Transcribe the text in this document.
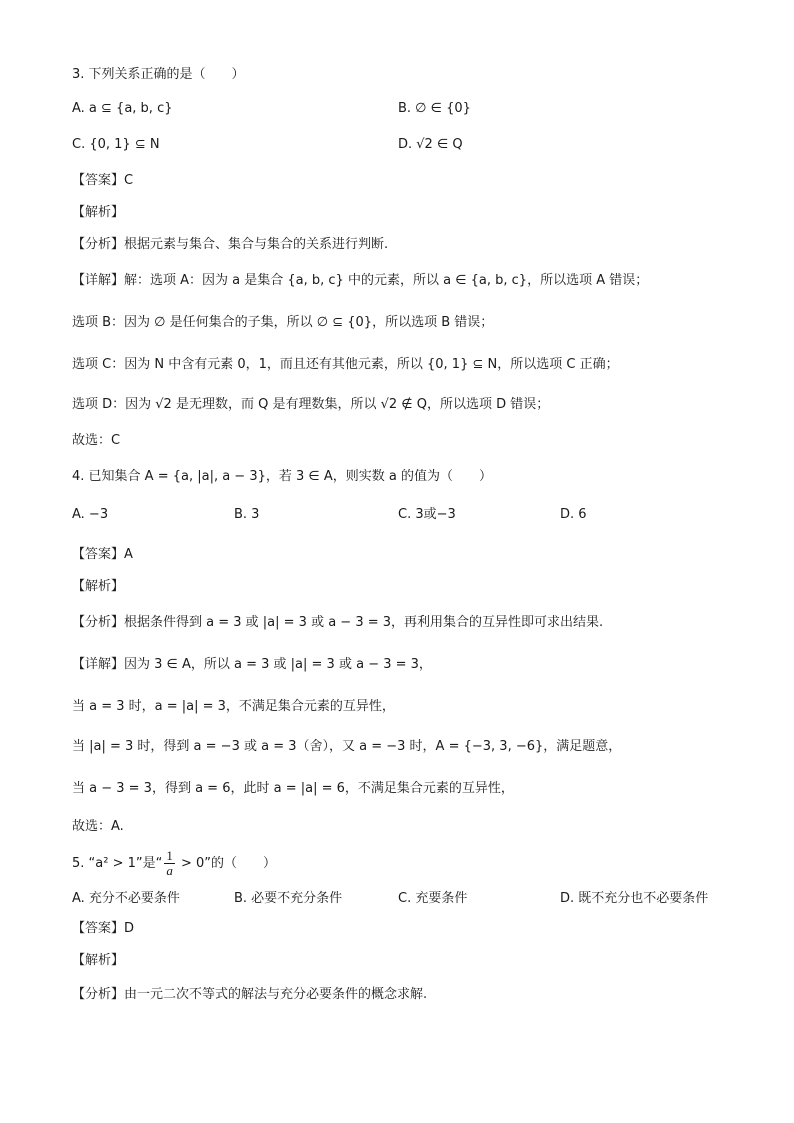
3. 下列关系正确的是（　　）
A. a ⊆ {a, b, c}	B. ∅ ∈ {0}
C. {0, 1} ⊆ N	D. √2 ∈ Q
【答案】C
【解析】
【分析】根据元素与集合、集合与集合的关系进行判断.
【详解】解：选项 A：因为 a 是集合 {a, b, c} 中的元素，所以 a ∈ {a, b, c}，所以选项 A 错误；
选项 B：因为 ∅ 是任何集合的子集，所以 ∅ ⊆ {0}，所以选项 B 错误；
选项 C：因为 N 中含有元素 0，1，而且还有其他元素，所以 {0, 1} ⊆ N，所以选项 C 正确；
选项 D：因为 √2 是无理数，而 Q 是有理数集，所以 √2 ∉ Q，所以选项 D 错误；
故选：C
4. 已知集合 A = {a, |a|, a − 3}，若 3 ∈ A，则实数 a 的值为（　　）
A. −3	B. 3	C. 3或−3	D. 6
【答案】A
【解析】
【分析】根据条件得到 a = 3 或 |a| = 3 或 a − 3 = 3，再利用集合的互异性即可求出结果.
【详解】因为 3 ∈ A，所以 a = 3 或 |a| = 3 或 a − 3 = 3，
当 a = 3 时，a = |a| = 3，不满足集合元素的互异性，
当 |a| = 3 时，得到 a = −3 或 a = 3（舍），又 a = −3 时，A = {−3, 3, −6}，满足题意，
当 a − 3 = 3，得到 a = 6，此时 a = |a| = 6，不满足集合元素的互异性，
故选：A.
5. “a² > 1”是“ $\frac{1}{a} > 0$”的（　　）
A. 充分不必要条件	B. 必要不充分条件	C. 充要条件	D. 既不充分也不必要条件
【答案】D
【解析】
【分析】由一元二次不等式的解法与充分必要条件的概念求解.
